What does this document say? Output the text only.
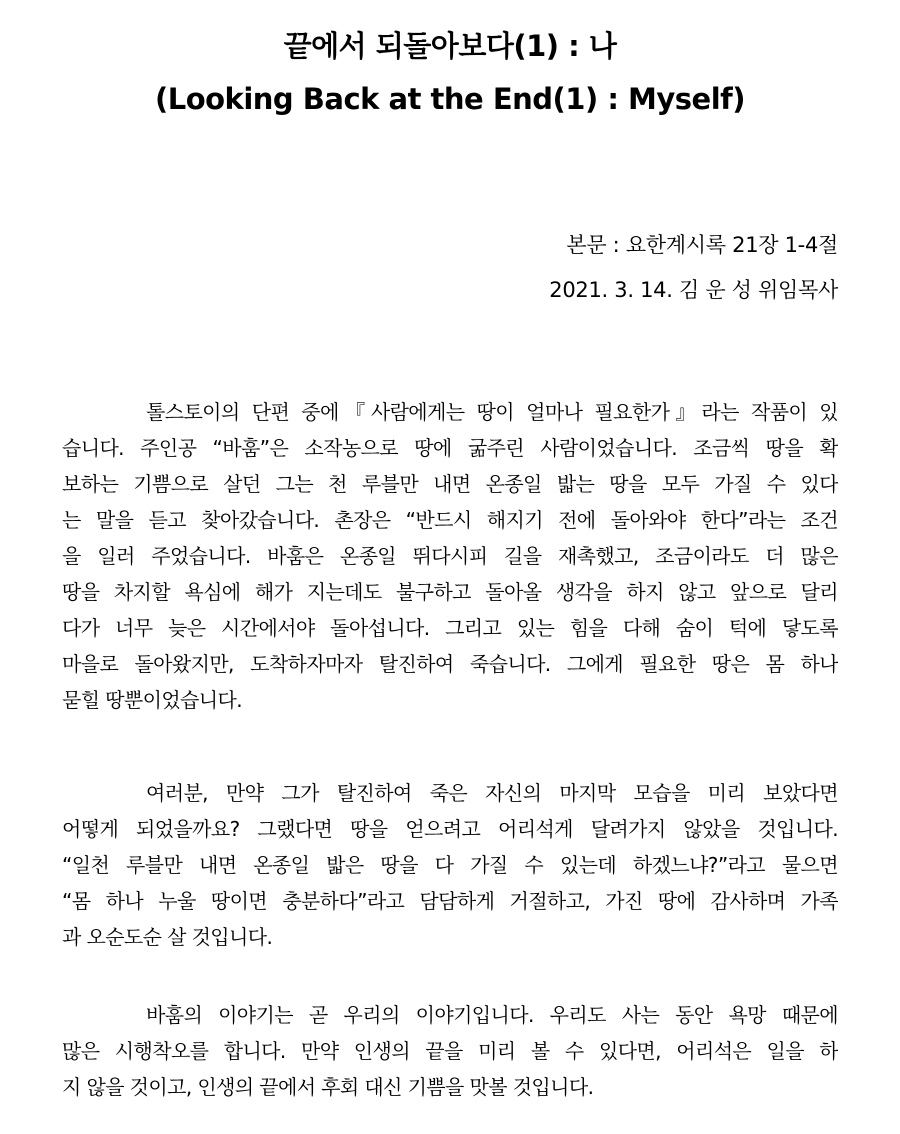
끝에서 되돌아보다(1) : 나
(Looking Back at the End(1) : Myself)
본문 : 요한계시록 21장 1-4절
2021. 3. 14. 김 운 성 위임목사
톨스토이의 단편 중에『사람에게는 땅이 얼마나 필요한가』라는 작품이 있
습니다. 주인공 “바훔”은 소작농으로 땅에 굶주린 사람이었습니다. 조금씩 땅을 확
보하는 기쁨으로 살던 그는 천 루블만 내면 온종일 밟는 땅을 모두 가질 수 있다
는 말을 듣고 찾아갔습니다. 촌장은 “반드시 해지기 전에 돌아와야 한다”라는 조건
을 일러 주었습니다. 바훔은 온종일 뛰다시피 길을 재촉했고, 조금이라도 더 많은
땅을 차지할 욕심에 해가 지는데도 불구하고 돌아올 생각을 하지 않고 앞으로 달리
다가 너무 늦은 시간에서야 돌아섭니다. 그리고 있는 힘을 다해 숨이 턱에 닿도록
마을로 돌아왔지만, 도착하자마자 탈진하여 죽습니다. 그에게 필요한 땅은 몸 하나
묻힐 땅뿐이었습니다.
여러분, 만약 그가 탈진하여 죽은 자신의 마지막 모습을 미리 보았다면
어떻게 되었을까요? 그랬다면 땅을 얻으려고 어리석게 달려가지 않았을 것입니다.
“일천 루블만 내면 온종일 밟은 땅을 다 가질 수 있는데 하겠느냐?”라고 물으면
“몸 하나 누울 땅이면 충분하다”라고 담담하게 거절하고, 가진 땅에 감사하며 가족
과 오순도순 살 것입니다.
바훔의 이야기는 곧 우리의 이야기입니다. 우리도 사는 동안 욕망 때문에
많은 시행착오를 합니다. 만약 인생의 끝을 미리 볼 수 있다면, 어리석은 일을 하
지 않을 것이고, 인생의 끝에서 후회 대신 기쁨을 맛볼 것입니다.
